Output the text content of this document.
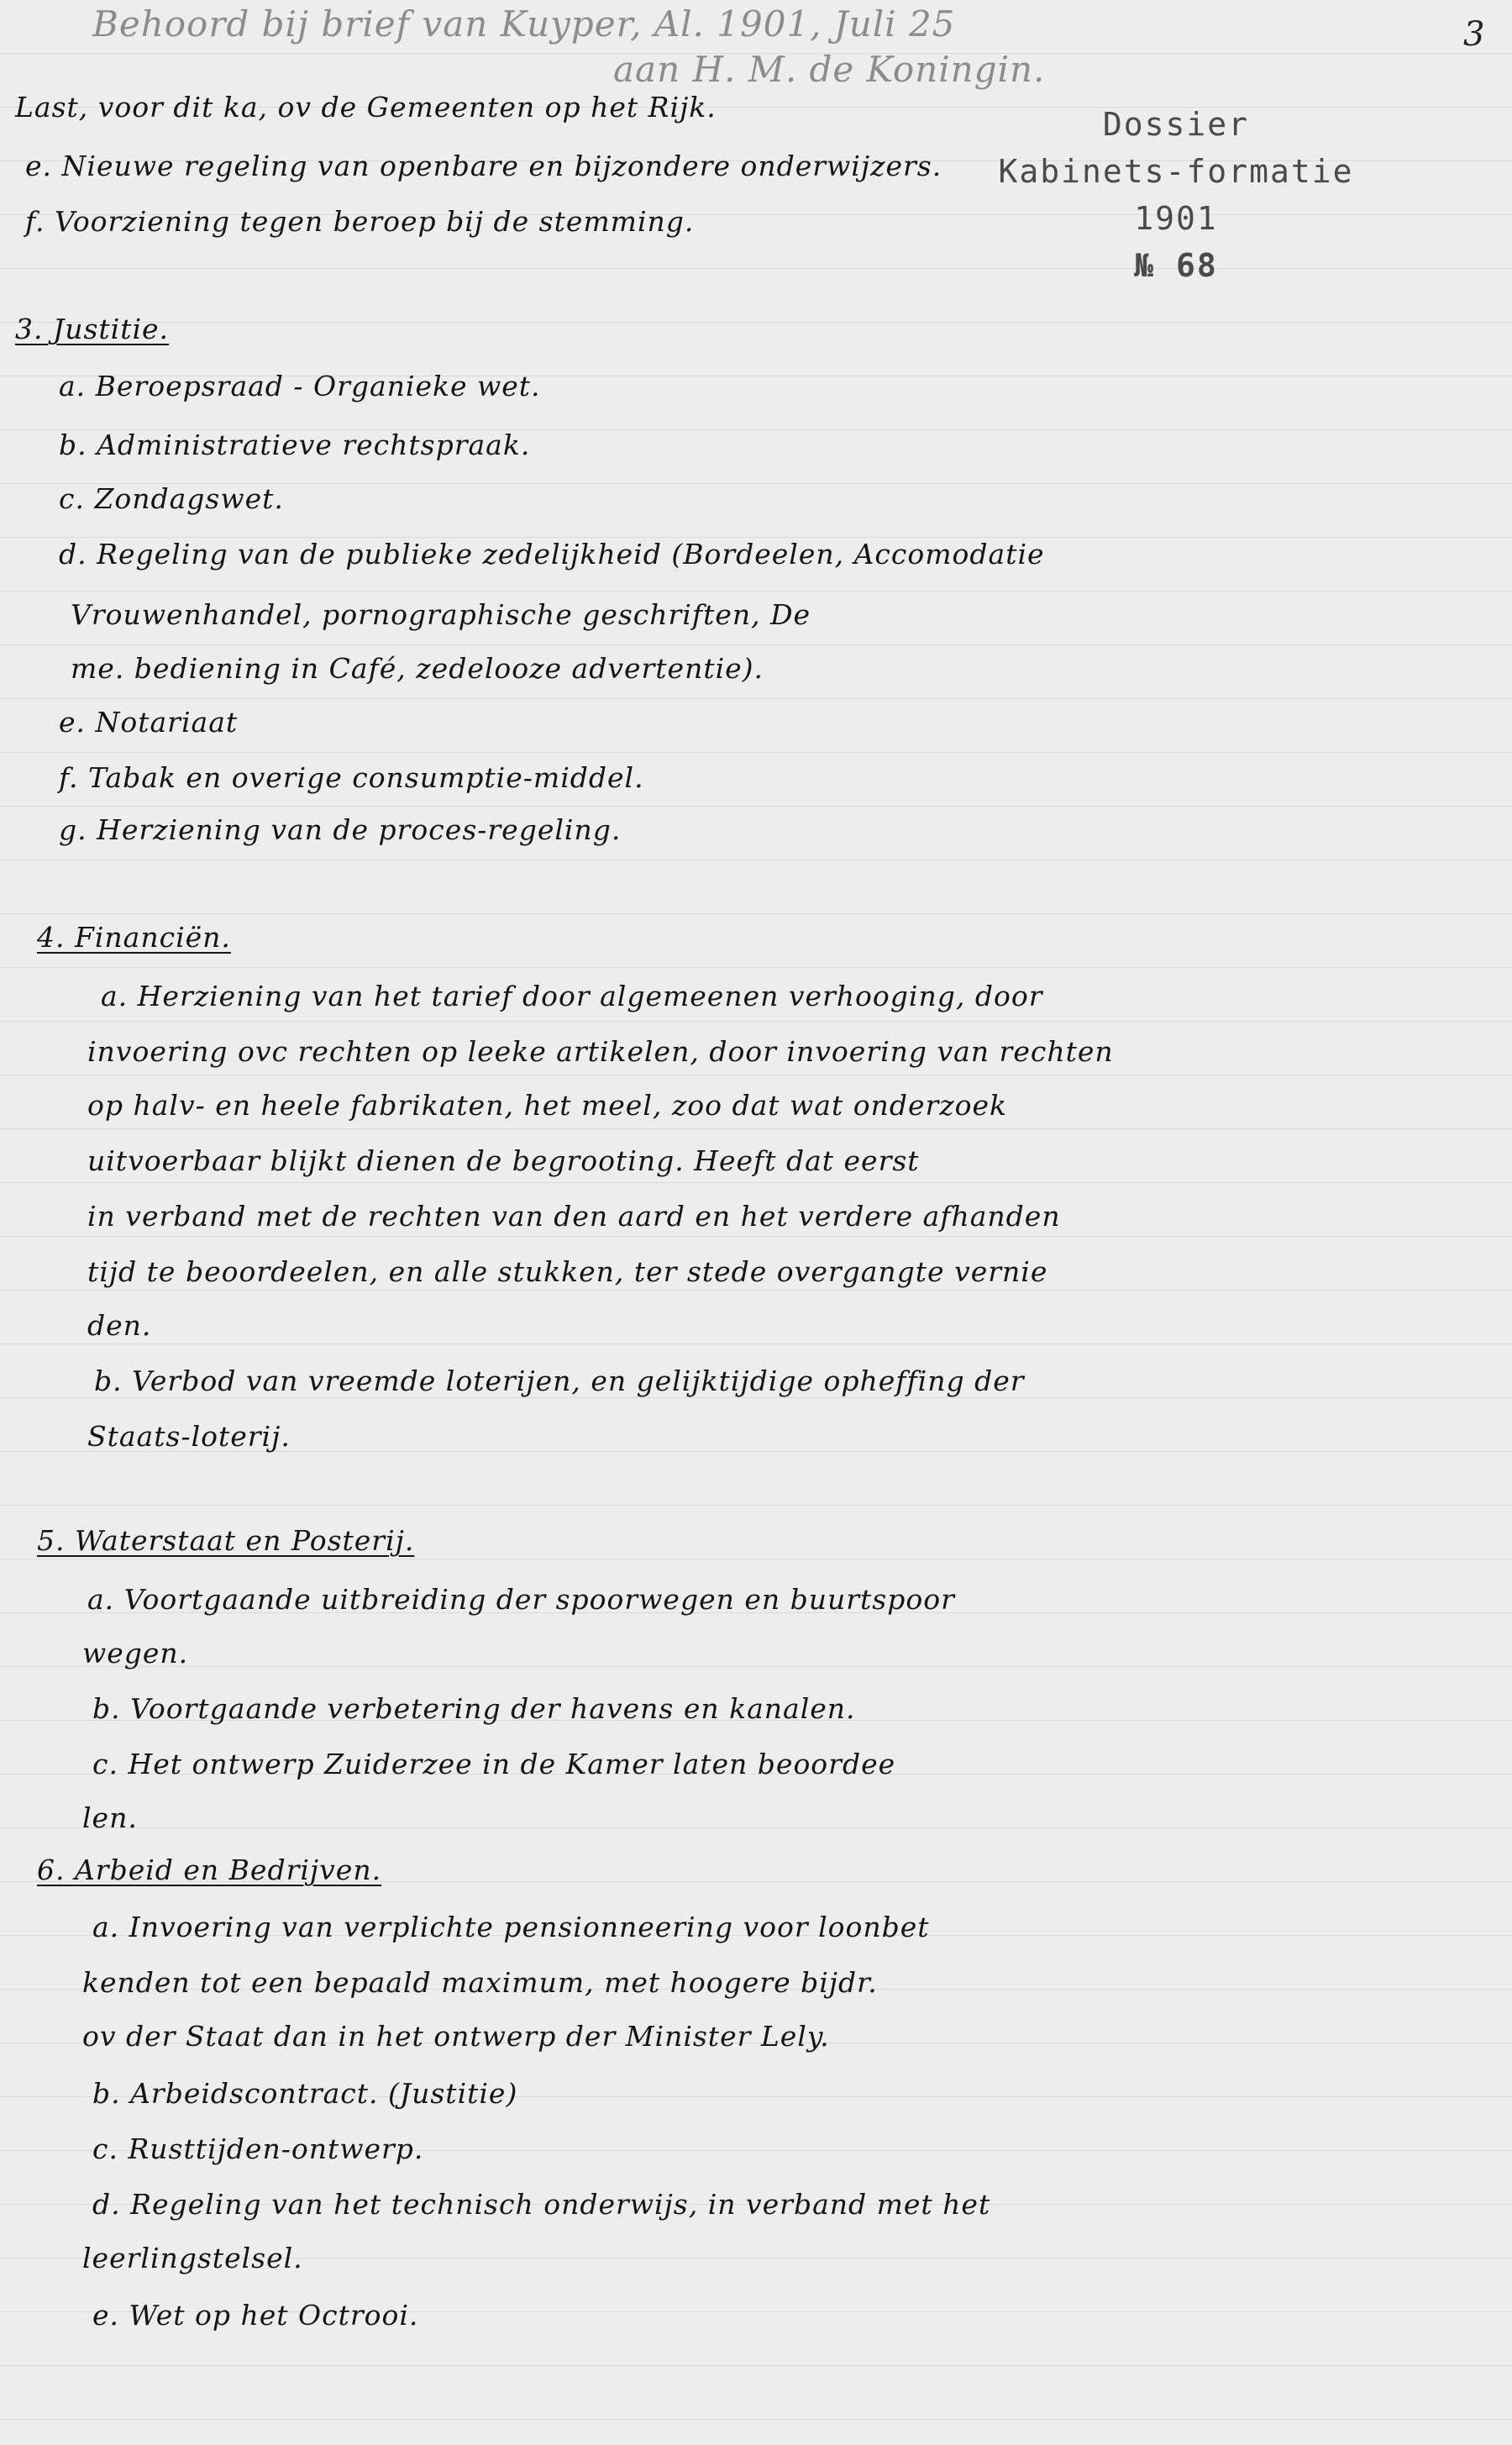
Behoord bij brief van Kuyper, Al. 1901, Juli 25
aan H. M. de Koningin.
3
Dossier
Kabinets-formatie
1901
№ 68
Last, voor dit ka, ov de Gemeenten op het Rijk.
e. Nieuwe regeling van openbare en bijzondere onderwijzers.
f. Voorziening tegen beroep bij de stemming.
3. Justitie.
a. Beroepsraad - Organieke wet.
b. Administratieve rechtspraak.
c. Zondagswet.
d. Regeling van de publieke zedelijkheid (Bordeelen, Accomodatie
Vrouwenhandel, pornographische geschriften, De
me. bediening in Café, zedelooze advertentie).
e. Notariaat
f. Tabak en overige consumptie-middel.
g. Herziening van de proces-regeling.
4. Financiën.
a. Herziening van het tarief door algemeenen verhooging, door
invoering ovc rechten op leeke artikelen, door invoering van rechten
op halv- en heele fabrikaten, het meel, zoo dat wat onderzoek
uitvoerbaar blijkt dienen de begrooting. Heeft dat eerst
in verband met de rechten van den aard en het verdere afhanden
tijd te beoordeelen, en alle stukken, ter stede overgangte vernie
den.
b. Verbod van vreemde loterijen, en gelijktijdige opheffing der
Staats-loterij.
5. Waterstaat en Posterij.
a. Voortgaande uitbreiding der spoorwegen en buurtspoor
wegen.
b. Voortgaande verbetering der havens en kanalen.
c. Het ontwerp Zuiderzee in de Kamer laten beoordee
len.
6. Arbeid en Bedrijven.
a. Invoering van verplichte pensionneering voor loonbet
kenden tot een bepaald maximum, met hoogere bijdr.
ov der Staat dan in het ontwerp der Minister Lely.
b. Arbeidscontract. (Justitie)
c. Rusttijden-ontwerp.
d. Regeling van het technisch onderwijs, in verband met het
leerlingstelsel.
e. Wet op het Octrooi.
